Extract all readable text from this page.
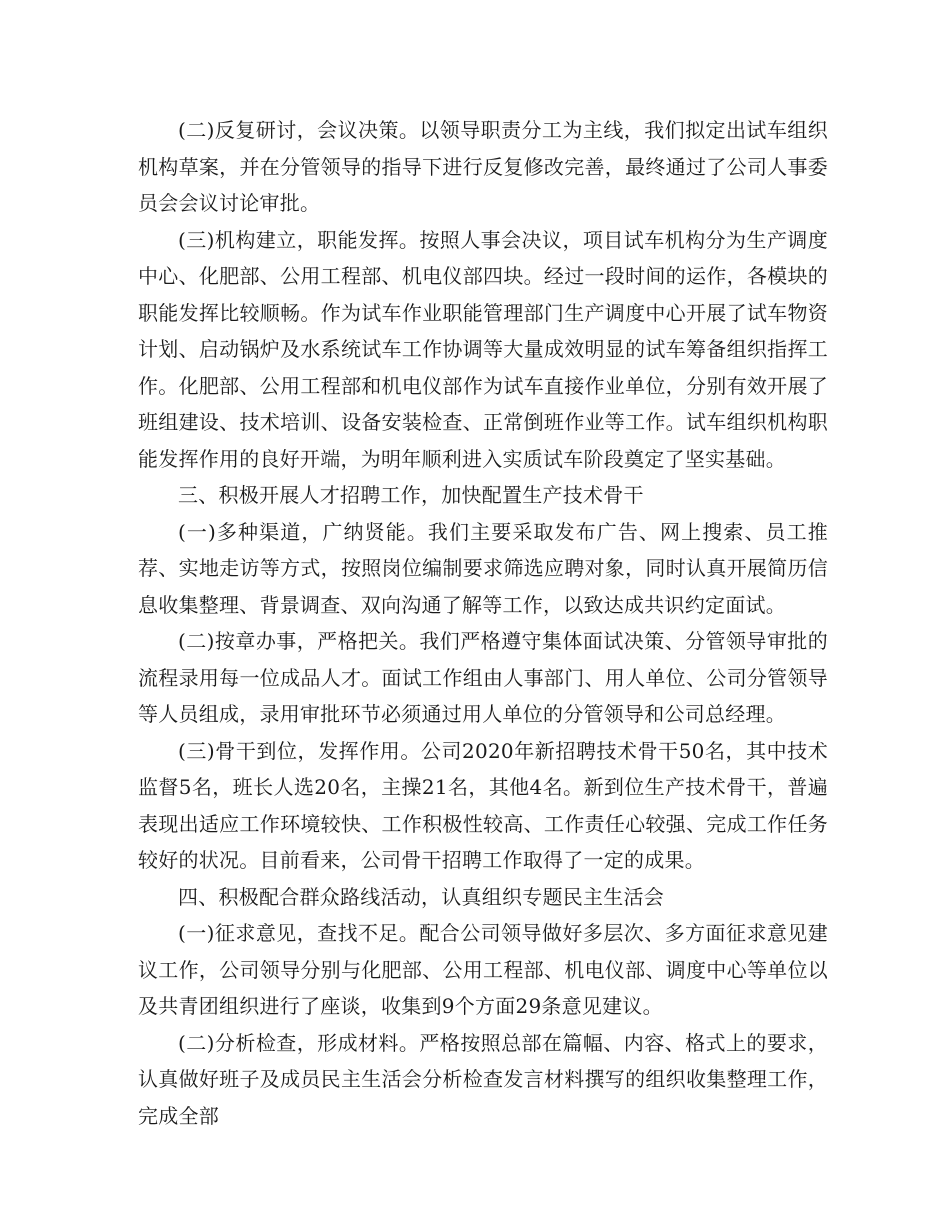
(二)反复研讨，会议决策。以领导职责分工为主线，我们拟定出试车组织机构草案，并在分管领导的指导下进行反复修改完善，最终通过了公司人事委员会会议讨论审批。

(三)机构建立，职能发挥。按照人事会决议，项目试车机构分为生产调度中心、化肥部、公用工程部、机电仪部四块。经过一段时间的运作，各模块的职能发挥比较顺畅。作为试车作业职能管理部门生产调度中心开展了试车物资计划、启动锅炉及水系统试车工作协调等大量成效明显的试车筹备组织指挥工作。化肥部、公用工程部和机电仪部作为试车直接作业单位，分别有效开展了班组建设、技术培训、设备安装检查、正常倒班作业等工作。试车组织机构职能发挥作用的良好开端，为明年顺利进入实质试车阶段奠定了坚实基础。

三、积极开展人才招聘工作，加快配置生产技术骨干

(一)多种渠道，广纳贤能。我们主要采取发布广告、网上搜索、员工推荐、实地走访等方式，按照岗位编制要求筛选应聘对象，同时认真开展简历信息收集整理、背景调查、双向沟通了解等工作，以致达成共识约定面试。

(二)按章办事，严格把关。我们严格遵守集体面试决策、分管领导审批的流程录用每一位成品人才。面试工作组由人事部门、用人单位、公司分管领导等人员组成，录用审批环节必须通过用人单位的分管领导和公司总经理。

(三)骨干到位，发挥作用。公司2020年新招聘技术骨干50名，其中技术监督5名，班长人选20名，主操21名，其他4名。新到位生产技术骨干，普遍表现出适应工作环境较快、工作积极性较高、工作责任心较强、完成工作任务较好的状况。目前看来，公司骨干招聘工作取得了一定的成果。

四、积极配合群众路线活动，认真组织专题民主生活会

(一)征求意见，查找不足。配合公司领导做好多层次、多方面征求意见建议工作，公司领导分别与化肥部、公用工程部、机电仪部、调度中心等单位以及共青团组织进行了座谈，收集到9个方面29条意见建议。

(二)分析检查，形成材料。严格按照总部在篇幅、内容、格式上的要求，认真做好班子及成员民主生活会分析检查发言材料撰写的组织收集整理工作，完成全部
